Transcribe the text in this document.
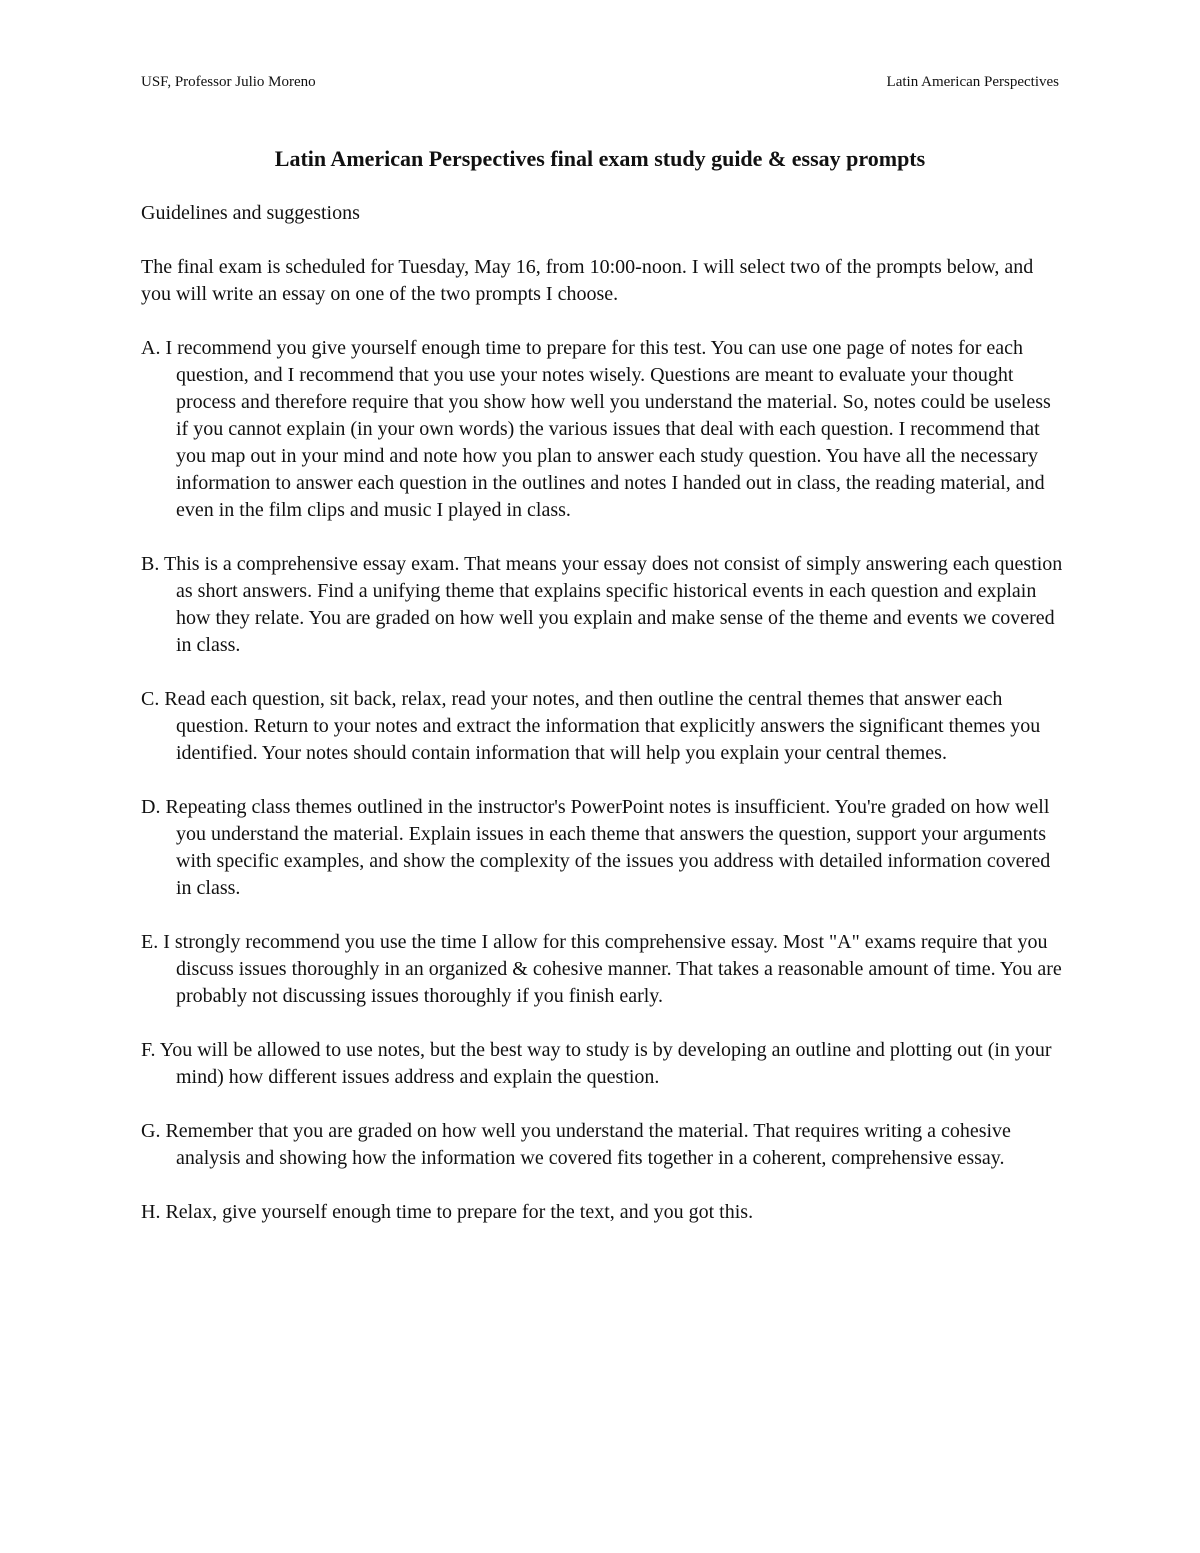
USF, Professor Julio Moreno	Latin American Perspectives
Latin American Perspectives final exam study guide & essay prompts

Guidelines and suggestions

The final exam is scheduled for Tuesday, May 16, from 10:00-noon. I will select two of the prompts below, and you will write an essay on one of the two prompts I choose.

A. I recommend you give yourself enough time to prepare for this test. You can use one page of notes for each question, and I recommend that you use your notes wisely. Questions are meant to evaluate your thought process and therefore require that you show how well you understand the material. So, notes could be useless if you cannot explain (in your own words) the various issues that deal with each question. I recommend that you map out in your mind and note how you plan to answer each study question. You have all the necessary information to answer each question in the outlines and notes I handed out in class, the reading material, and even in the film clips and music I played in class.

B. This is a comprehensive essay exam. That means your essay does not consist of simply answering each question as short answers. Find a unifying theme that explains specific historical events in each question and explain how they relate. You are graded on how well you explain and make sense of the theme and events we covered in class.

C. Read each question, sit back, relax, read your notes, and then outline the central themes that answer each question. Return to your notes and extract the information that explicitly answers the significant themes you identified. Your notes should contain information that will help you explain your central themes.

D. Repeating class themes outlined in the instructor's PowerPoint notes is insufficient. You're graded on how well you understand the material. Explain issues in each theme that answers the question, support your arguments with specific examples, and show the complexity of the issues you address with detailed information covered in class.

E. I strongly recommend you use the time I allow for this comprehensive essay. Most "A" exams require that you discuss issues thoroughly in an organized & cohesive manner. That takes a reasonable amount of time. You are probably not discussing issues thoroughly if you finish early.

F. You will be allowed to use notes, but the best way to study is by developing an outline and plotting out (in your mind) how different issues address and explain the question.

G. Remember that you are graded on how well you understand the material. That requires writing a cohesive analysis and showing how the information we covered fits together in a coherent, comprehensive essay.

H. Relax, give yourself enough time to prepare for the text, and you got this.
